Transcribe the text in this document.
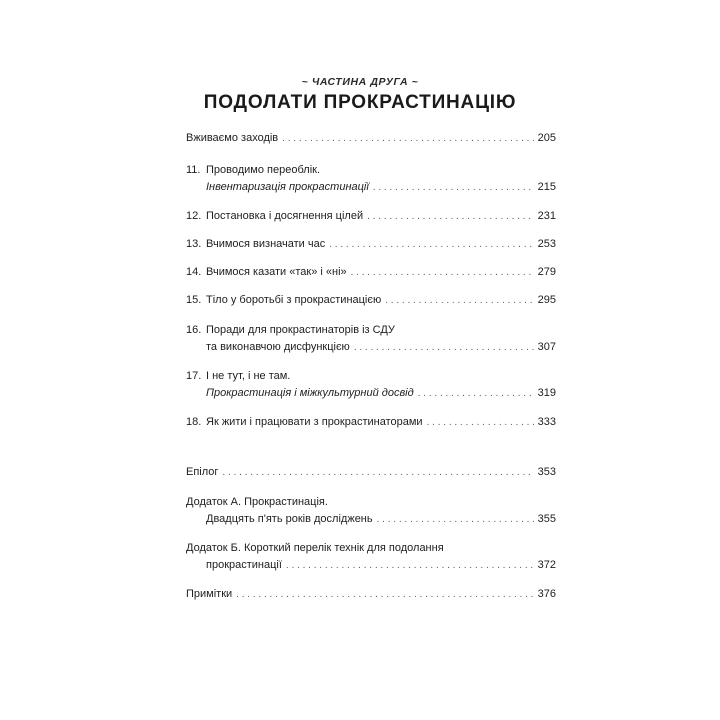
~ ЧАСТИНА ДРУГА ~
ПОДОЛАТИ ПРОКРАСТИНАЦІЮ
Вживаємо заходів . . .	205
11. Проводимо переоблік.
Інвентаризація прокрастинації . . .	215
12. Постановка і досягнення цілей . . .	231
13. Вчимося визначати час . . .	253
14. Вчимося казати «так» і «ні» . . .	279
15. Тіло у боротьбі з прокрастинацією . . .	295
16. Поради для прокрастинаторів із СДУ
та виконавчою дисфункцією . . .	307
17. І не тут, і не там.
Прокрастинація і міжкультурний досвід . . .	319
18. Як жити і працювати з прокрастинаторами . . .	333
Епілог . . .	353
Додаток А. Прокрастинація.
Двадцять п'ять років досліджень . . .	355
Додаток Б. Короткий перелік технік для подолання
прокрастинації . . .	372
Примітки . . .	376
